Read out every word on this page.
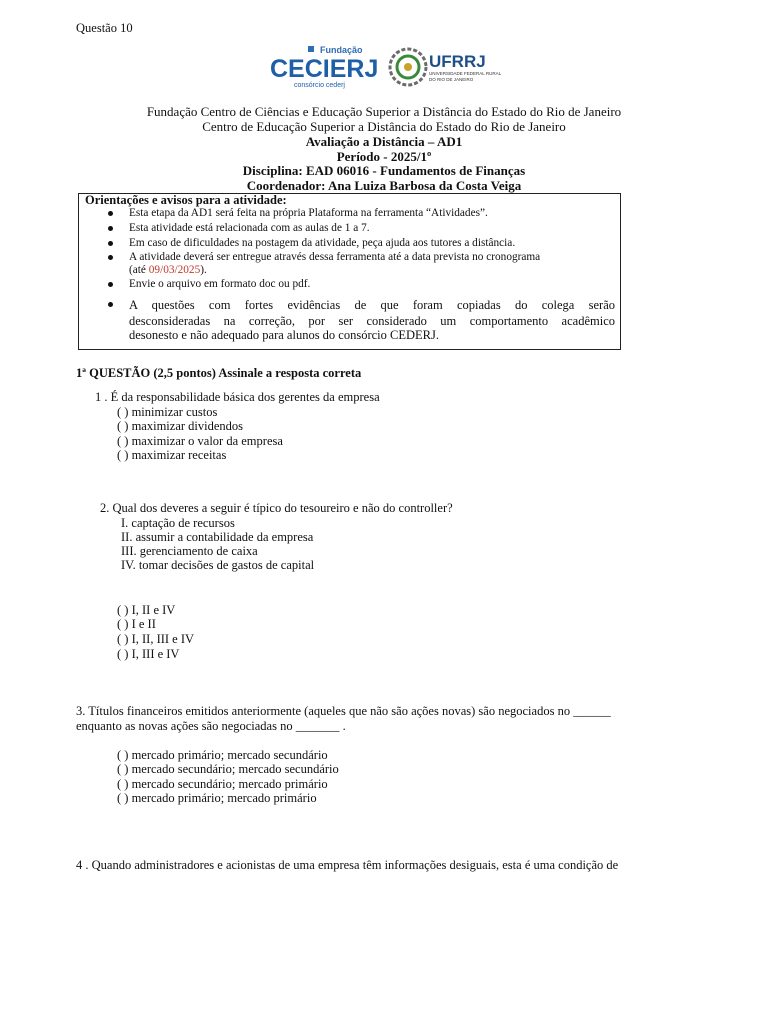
Questão 10
Fundação
CECIERJ
consórcio cederj
UFRRJ
UNIVERSIDADE FEDERAL RURAL
DO RIO DE JANEIRO
Fundação Centro de Ciências e Educação Superior a Distância do Estado do Rio de Janeiro
Centro de Educação Superior a Distância do Estado do Rio de Janeiro
Avaliação a Distância – AD1
Período - 2025/1º
Disciplina: EAD 06016 - Fundamentos de Finanças
Coordenador: Ana Luiza Barbosa da Costa Veiga
Orientações e avisos para a atividade:
Esta etapa da AD1 será feita na própria Plataforma na ferramenta “Atividades”.
Esta atividade está relacionada com as aulas de 1 a 7.
Em caso de dificuldades na postagem da atividade, peça ajuda aos tutores a distância.
A atividade deverá ser entregue através dessa ferramenta até a data prevista no cronograma
(até 09/03/2025).
Envie o arquivo em formato doc ou pdf.
A questões com fortes evidências de que foram copiadas do colega serão
desconsideradas na correção, por ser considerado um comportamento acadêmico
desonesto e não adequado para alunos do consórcio CEDERJ.
1ª QUESTÃO (2,5 pontos) Assinale a resposta correta
1 . É da responsabilidade básica dos gerentes da empresa
( ) minimizar custos
( ) maximizar dividendos
( ) maximizar o valor da empresa
( ) maximizar receitas
2. Qual dos deveres a seguir é típico do tesoureiro e não do controller?
I. captação de recursos
II. assumir a contabilidade da empresa
III. gerenciamento de caixa
IV. tomar decisões de gastos de capital
( ) I, II e IV
( ) I e II
( ) I, II, III e IV
( ) I, III e IV
3. Títulos financeiros emitidos anteriormente (aqueles que não são ações novas) são negociados no ______
enquanto as novas ações são negociadas no _______ .
( ) mercado primário; mercado secundário
( ) mercado secundário; mercado secundário
( ) mercado secundário; mercado primário
( ) mercado primário; mercado primário
4 . Quando administradores e acionistas de uma empresa têm informações desiguais, esta é uma condição de
